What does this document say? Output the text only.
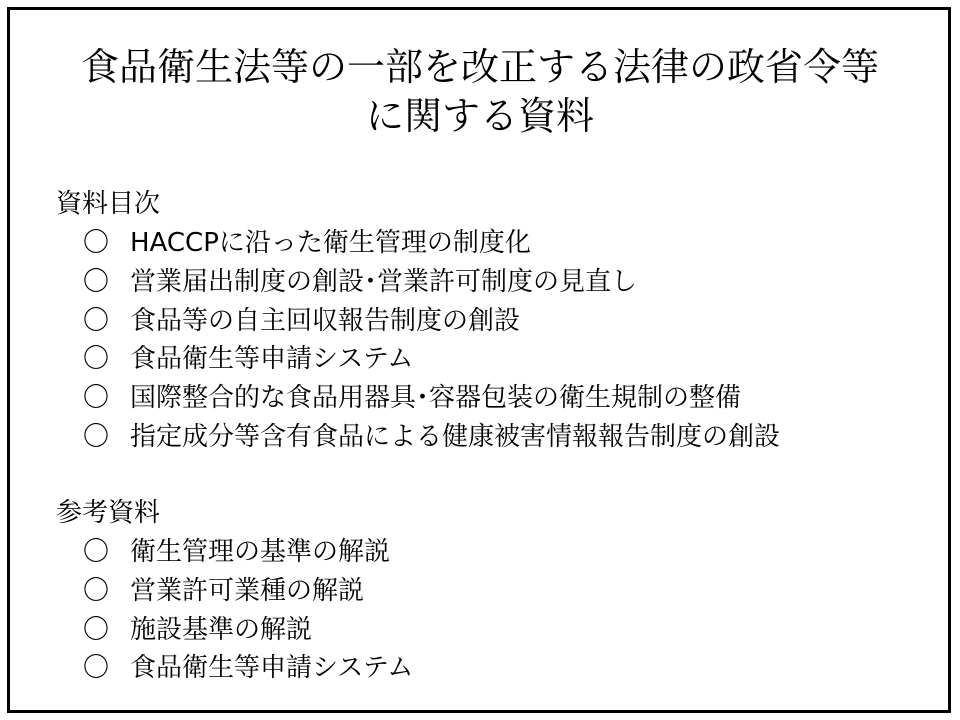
食品衛生法等の一部を改正する法律の政省令等
に関する資料
資料目次
〇 HACCPに沿った衛生管理の制度化
〇 営業届出制度の創設･営業許可制度の見直し
〇 食品等の自主回収報告制度の創設
〇 食品衛生等申請システム
〇 国際整合的な食品用器具･容器包装の衛生規制の整備
〇 指定成分等含有食品による健康被害情報報告制度の創設
参考資料
〇 衛生管理の基準の解説
〇 営業許可業種の解説
〇 施設基準の解説
〇 食品衛生等申請システム
